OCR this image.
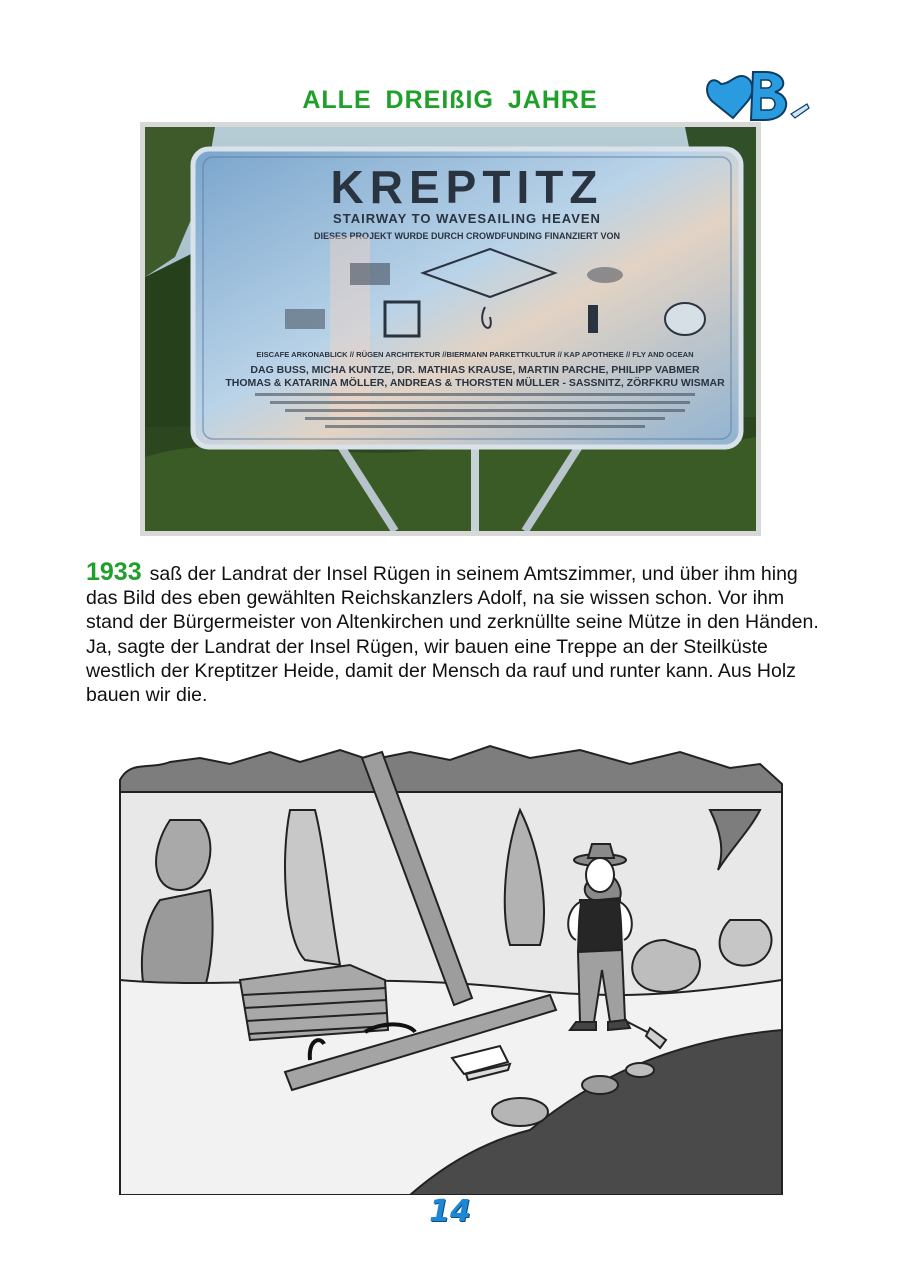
ALLE DREIßIG JAHRE
KREPTITZ
STAIRWAY TO WAVESAILING HEAVEN
DIESES PROJEKT WURDE DURCH CROWDFUNDING FINANZIERT VON
EISCAFE ARKONABLICK // RÜGEN ARCHITEKTUR //BIERMANN PARKETTKULTUR // KAP APOTHEKE // FLY AND OCEAN
DAG BUSS, MICHA KUNTZE, DR. MATHIAS KRAUSE, MARTIN PARCHE, PHILIPP VABMER
THOMAS & KATARINA MÖLLER, ANDREAS & THORSTEN MÜLLER - SASSNITZ, ZÖRFKRU WISMAR
1933 saß der Landrat der Insel Rügen in seinem Amtszimmer, und über ihm hing das Bild des eben gewählten Reichskanzlers Adolf, na sie wissen schon. Vor ihm stand der Bürgermeister von Altenkirchen und zerknüllte seine Mütze in den Händen.
Ja, sagte der Landrat der Insel Rügen, wir bauen eine Treppe an der Steilküste westlich der Kreptitzer Heide, damit der Mensch da rauf und runter kann. Aus Holz bauen wir die.
14
